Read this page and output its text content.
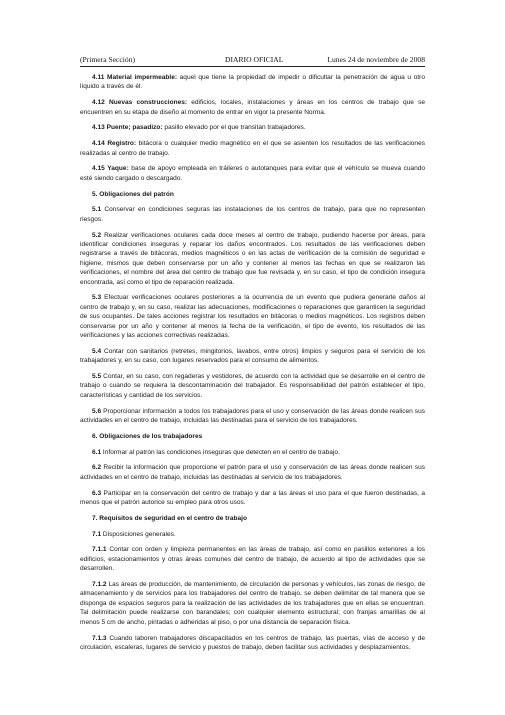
(Primera Sección)	DIARIO OFICIAL	Lunes 24 de noviembre de 2008

4.11 Material impermeable: aquel que tiene la propiedad de impedir o dificultar la penetración de agua u otro líquido a través de él.

4.12 Nuevas construcciones: edificios, locales, instalaciones y áreas en los centros de trabajo que se encuentren en su etapa de diseño al momento de entrar en vigor la presente Norma.

4.13 Puente; pasadizo: pasillo elevado por el que transitan trabajadores.

4.14 Registro: bitácora o cualquier medio magnético en el que se asienten los resultados de las verificaciones realizadas al centro de trabajo.

4.15 Yaque: base de apoyo empleada en tráileres o autotanques para evitar que el vehículo se mueva cuando esté siendo cargado o descargado.

5. Obligaciones del patrón

5.1 Conservar en condiciones seguras las instalaciones de los centros de trabajo, para que no representen riesgos.

5.2 Realizar verificaciones oculares cada doce meses al centro de trabajo, pudiendo hacerse por áreas, para identificar condiciones inseguras y reparar los daños encontrados. Los resultados de las verificaciones deben registrarse a través de bitácoras, medios magnéticos o en las actas de verificación de la comisión de seguridad e higiene, mismos que deben conservarse por un año y contener al menos las fechas en que se realizaron las verificaciones, el nombre del área del centro de trabajo que fue revisada y, en su caso, el tipo de condición insegura encontrada, así como el tipo de reparación realizada.

5.3 Efectuar verificaciones oculares posteriores a la ocurrencia de un evento que pudiera generarle daños al centro de trabajo y, en su caso, realizar las adecuaciones, modificaciones o reparaciones que garanticen la seguridad de sus ocupantes. De tales acciones registrar los resultados en bitácoras o medios magnéticos. Los registros deben conservarse por un año y contener al menos la fecha de la verificación, el tipo de evento, los resultados de las verificaciones y las acciones correctivas realizadas.

5.4 Contar con sanitarios (retretes, mingitorios, lavabos, entre otros) limpios y seguros para el servicio de los trabajadores y, en su caso, con lugares reservados para el consumo de alimentos.

5.5 Contar, en su caso, con regaderas y vestidores, de acuerdo con la actividad que se desarrolle en el centro de trabajo o cuando se requiera la descontaminación del trabajador. Es responsabilidad del patrón establecer el tipo, características y cantidad de los servicios.

5.6 Proporcionar información a todos los trabajadores para el uso y conservación de las áreas donde realicen sus actividades en el centro de trabajo, incluidas las destinadas para el servicio de los trabajadores.

6. Obligaciones de los trabajadores

6.1 Informar al patrón las condiciones inseguras que detecten en el centro de trabajo.

6.2 Recibir la información que proporcione el patrón para el uso y conservación de las áreas donde realicen sus actividades en el centro de trabajo, incluidas las destinadas al servicio de los trabajadores.

6.3 Participar en la conservación del centro de trabajo y dar a las áreas el uso para el que fueron destinadas, a menos que el patrón autorice su empleo para otros usos.

7. Requisitos de seguridad en el centro de trabajo

7.1 Disposiciones generales.

7.1.1 Contar con orden y limpieza permanentes en las áreas de trabajo, así como en pasillos exteriores a los edificios, estacionamientos y otras áreas comunes del centro de trabajo, de acuerdo al tipo de actividades que se desarrollen.

7.1.2 Las áreas de producción, de mantenimiento, de circulación de personas y vehículos, las zonas de riesgo, de almacenamiento y de servicios para los trabajadores del centro de trabajo, se deben delimitar de tal manera que se disponga de espacios seguros para la realización de las actividades de los trabajadores que en ellas se encuentran. Tal delimitación puede realizarse con barandales; con cualquier elemento estructural; con franjas amarillas de al menos 5 cm de ancho, pintadas o adheridas al piso, o por una distancia de separación física.

7.1.3 Cuando laboren trabajadores discapacitados en los centros de trabajo, las puertas, vías de acceso y de circulación, escaleras, lugares de servicio y puestos de trabajo, deben facilitar sus actividades y desplazamientos.
